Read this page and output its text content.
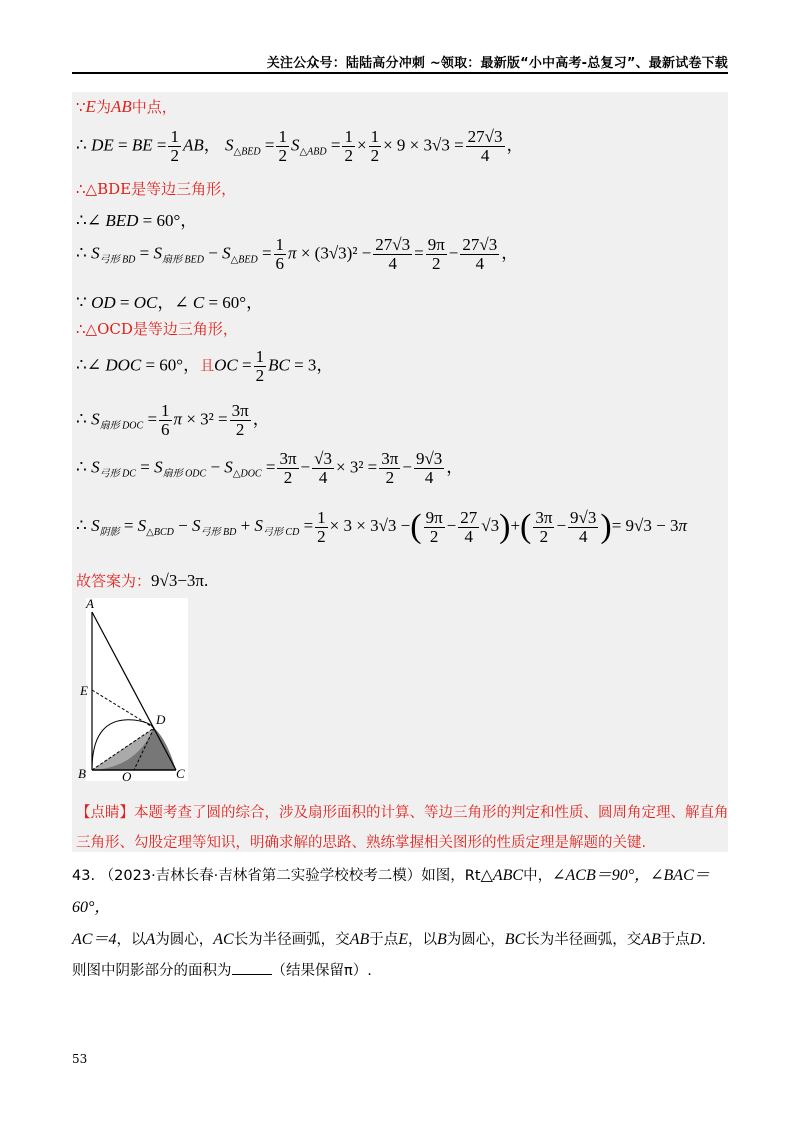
关注公众号：陆陆高分冲刺 ~领取：最新版“小中高考-总复习”、最新试卷下载
∵E为AB中点，
∴ DE = BE = $\frac{1}{2}$ AB， $S_{\triangle BED} = \frac{1}{2} S_{\triangle ABD} = \frac{1}{2} \times \frac{1}{2} \times 9 \times 3√3 = \frac{27√3}{4}$ ，
∴△BDE是等边三角形，
∴∠ BED = 60°，
∴ $S_{弓形 BD} = S_{扇形 BED} - S_{\triangle BED} = \frac{1}{6}$ $\pi \times (3√3)^2 - \frac{27√3}{4} = \frac{9\pi}{2} - \frac{27√3}{4}$ ，
∵ OD = OC，∠ C = 60°，
∴△OCD是等边三角形，
∴∠ DOC = 60°，且OC = $\frac{1}{2}$ BC = 3，
∴ $S_{扇形 DOC} = \frac{1}{6}$ $\pi \times 3^2 = \frac{3\pi}{2}$ ，
∴ $S_{弓形 DC} = S_{扇形 ODC} - S_{\triangle DOC} = \frac{3\pi}{2} - \frac{√3}{4} \times 3^2 = \frac{3\pi}{2} - \frac{9√3}{4}$ ，
∴ $S_{阴影} = S_{\triangle BCD} - S_{弓形 BD} + S_{弓形 CD} = \frac{1}{2} \times 3 \times 3√3$ −( $\frac{9\pi}{2} - \frac{27}{4} √3)+( \frac{3\pi}{2} - \frac{9√3}{4}$ )= 9√3 − 3π
故答案为：9√3−3π.
A
E
D
B	O	C
【点睛】本题考查了圆的综合，涉及扇形面积的计算、等边三角形的判定和性质、圆周角定理、解直角三角形、勾股定理等知识，明确求解的思路、熟练掌握相关图形的性质定理是解题的关键.
43. （2023·吉林长春·吉林省第二实验学校校考二模）如图，Rt△ABC中，∠ACB＝90°，∠BAC＝60°，
AC＝4，以A为圆心，AC长为半径画弧，交AB于点E，以B为圆心，BC长为半径画弧，交AB于点D.
则图中阴影部分的面积为	（结果保留π）.
53
